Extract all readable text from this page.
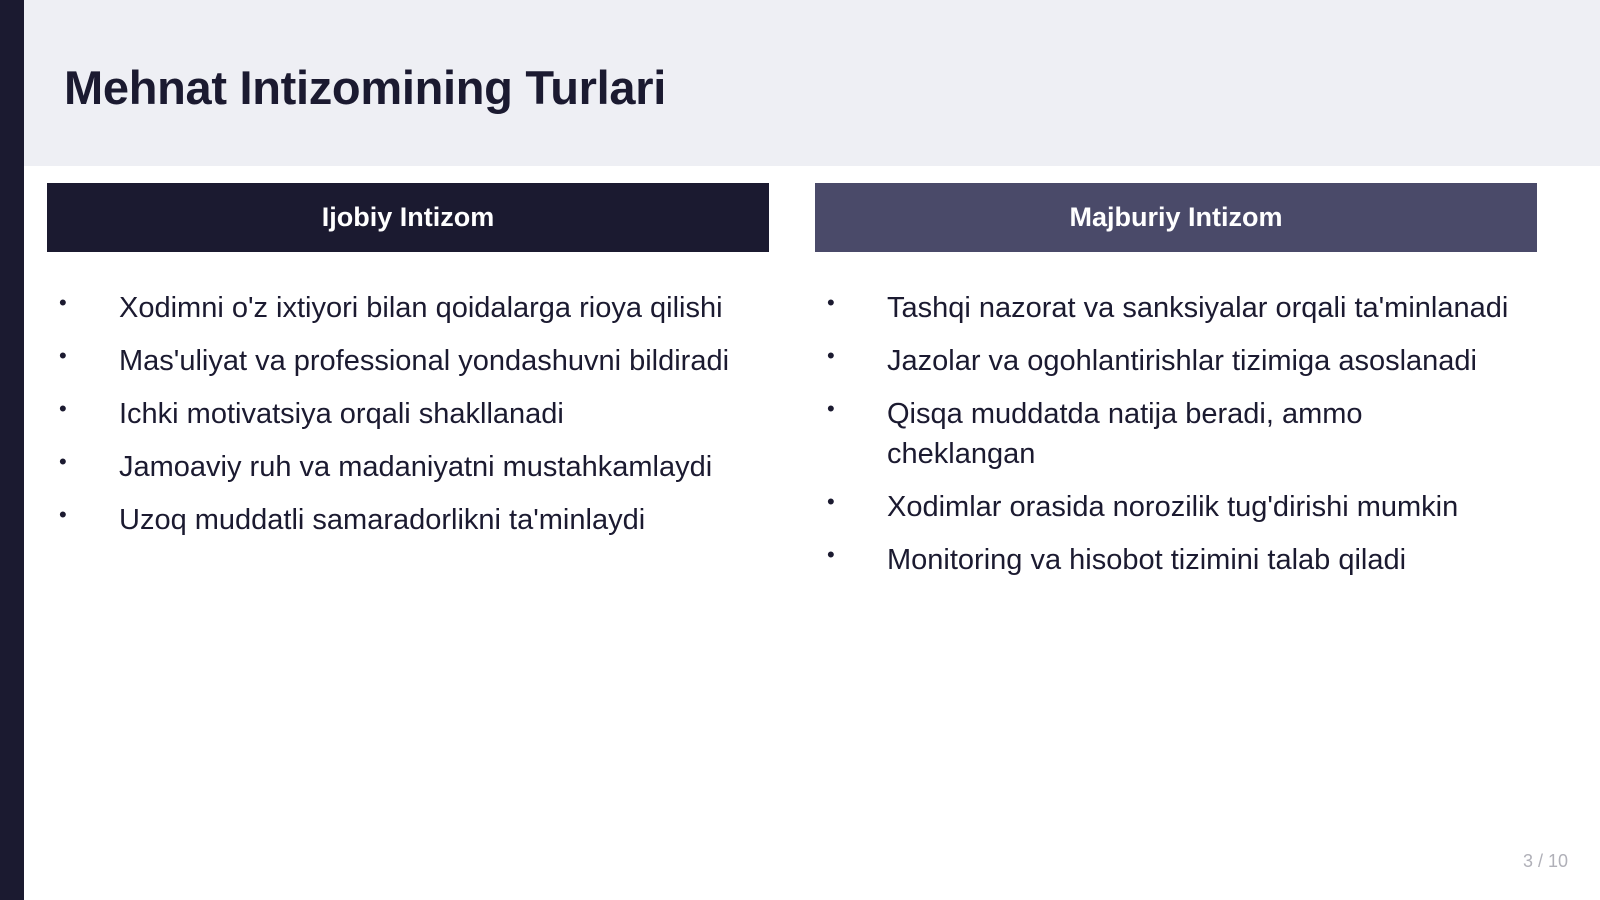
Mehnat Intizomining Turlari
Ijobiy Intizom	Majburiy Intizom
• Xodimni o'z ixtiyori bilan qoidalarga rioya qilishi
• Mas'uliyat va professional yondashuvni bildiradi
• Ichki motivatsiya orqali shakllanadi
• Jamoaviy ruh va madaniyatni mustahkamlaydi
• Uzoq muddatli samaradorlikni ta'minlaydi
• Tashqi nazorat va sanksiyalar orqali ta'minlanadi
• Jazolar va ogohlantirishlar tizimiga asoslanadi
• Qisqa muddatda natija beradi, ammo cheklangan
• Xodimlar orasida norozilik tug'dirishi mumkin
• Monitoring va hisobot tizimini talab qiladi
3 / 10
